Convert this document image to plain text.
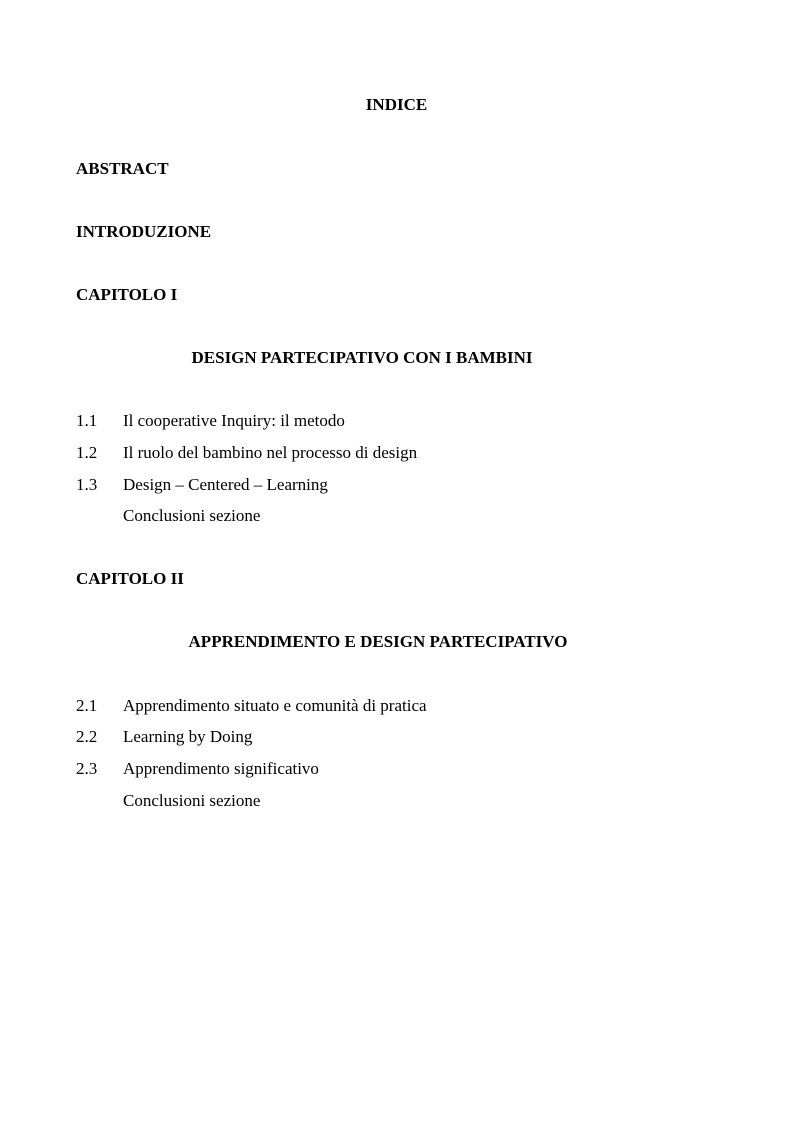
INDICE
ABSTRACT
INTRODUZIONE
CAPITOLO I
DESIGN PARTECIPATIVO CON I BAMBINI
1.1 Il cooperative Inquiry: il metodo
1.2 Il ruolo del bambino nel processo di design
1.3 Design – Centered – Learning
Conclusioni sezione
CAPITOLO II
APPRENDIMENTO E DESIGN PARTECIPATIVO
2.1 Apprendimento situato e comunità di pratica
2.2 Learning by Doing
2.3 Apprendimento significativo
Conclusioni sezione
